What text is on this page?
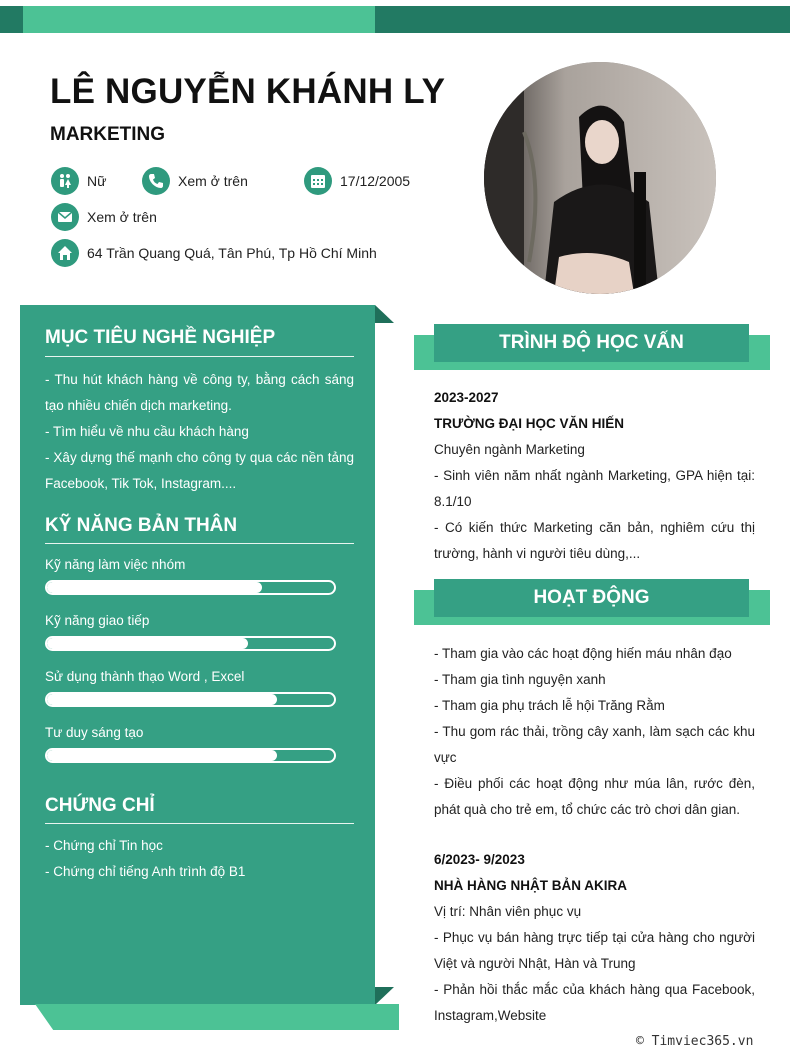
LÊ NGUYỄN KHÁNH LY
MARKETING
Nữ	Xem ở trên	17/12/2005
Xem ở trên
64 Trần Quang Quá, Tân Phú, Tp Hồ Chí Minh
MỤC TIÊU NGHỀ NGHIỆP
- Thu hút khách hàng về công ty, bằng cách sáng tạo nhiều chiến dịch marketing.
- Tìm hiểu về nhu cầu khách hàng
- Xây dựng thế mạnh cho công ty qua các nền tảng Facebook, Tik Tok, Instagram....
KỸ NĂNG BẢN THÂN
Kỹ năng làm việc nhóm
Kỹ năng giao tiếp
Sử dụng thành thạo Word , Excel
Tư duy sáng tạo
CHỨNG CHỈ
- Chứng chỉ Tin học
- Chứng chỉ tiếng Anh trình độ B1
TRÌNH ĐỘ HỌC VẤN
2023-2027
TRƯỜNG ĐẠI HỌC VĂN HIẾN
Chuyên ngành Marketing
- Sinh viên năm nhất ngành Marketing, GPA hiện tại: 8.1/10
- Có kiến thức Marketing căn bản, nghiêm cứu thị trường, hành vi người tiêu dùng,...
HOẠT ĐỘNG
- Tham gia vào các hoạt động hiến máu nhân đạo
- Tham gia tình nguyện xanh
- Tham gia phụ trách lễ hội Trăng Rằm
- Thu gom rác thải, trồng cây xanh, làm sạch các khu vực
- Điều phối các hoạt động như múa lân, rước đèn, phát quà cho trẻ em, tổ chức các trò chơi dân gian.
6/2023- 9/2023
NHÀ HÀNG NHẬT BẢN AKIRA
Vị trí: Nhân viên phục vụ
- Phục vụ bán hàng trực tiếp tại cửa hàng cho người Việt và người Nhật, Hàn và Trung
- Phản hồi thắc mắc của khách hàng qua Facebook, Instagram,Website
© Timviec365.vn
